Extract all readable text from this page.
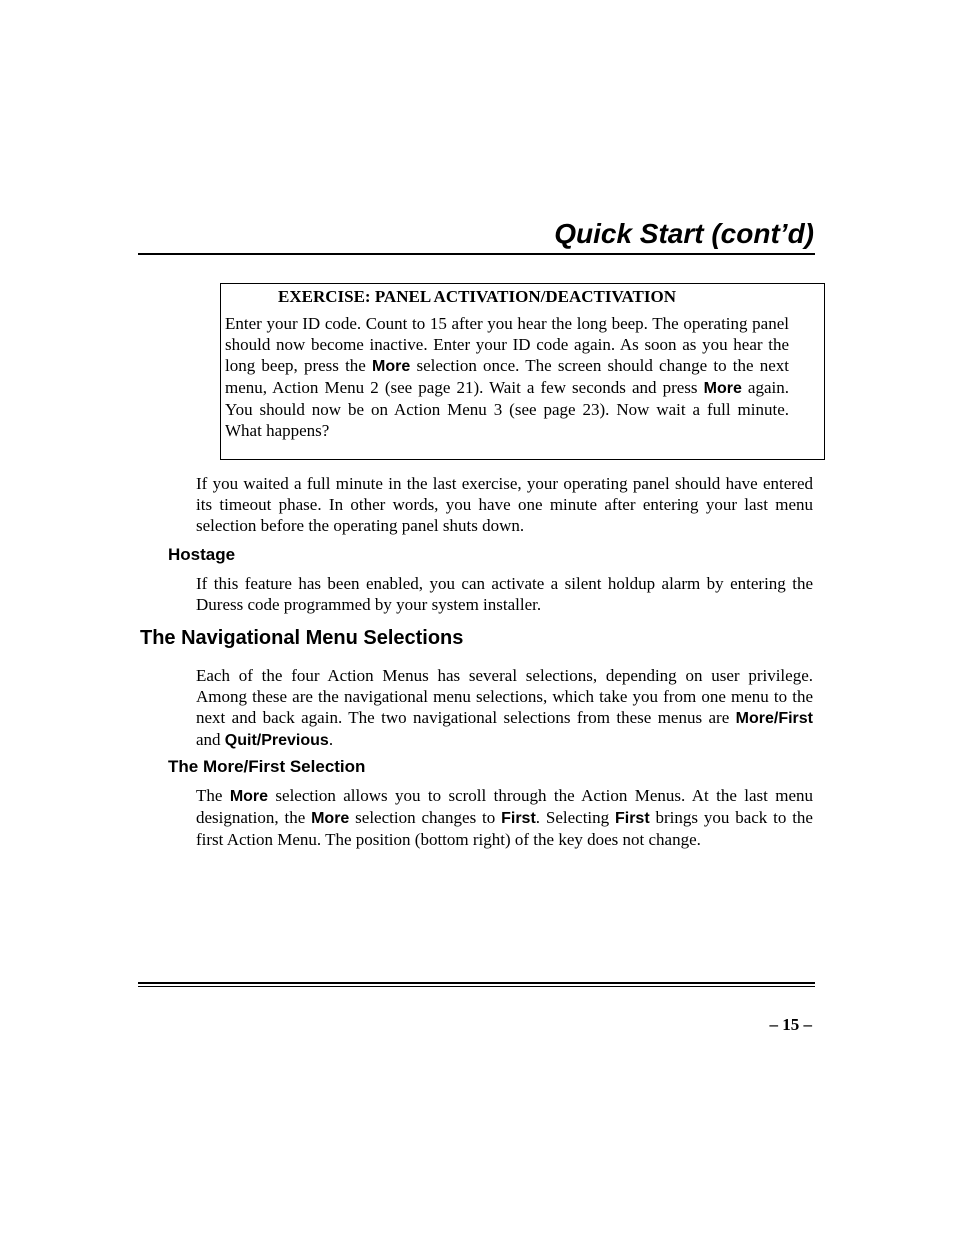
Quick Start (cont’d)

EXERCISE: PANEL ACTIVATION/DEACTIVATION

Enter your ID code. Count to 15 after you hear the long beep. The operating panel should now become inactive. Enter your ID code again. As soon as you hear the long beep, press the More selection once. The screen should change to the next menu, Action Menu 2 (see page 21). Wait a few seconds and press More again. You should now be on Action Menu 3 (see page 23). Now wait a full minute. What happens?

If you waited a full minute in the last exercise, your operating panel should have entered its timeout phase. In other words, you have one minute after entering your last menu selection before the operating panel shuts down.

Hostage

If this feature has been enabled, you can activate a silent holdup alarm by entering the Duress code programmed by your system installer.

The Navigational Menu Selections

Each of the four Action Menus has several selections, depending on user privilege. Among these are the navigational menu selections, which take you from one menu to the next and back again. The two navigational selections from these menus are More/First and Quit/Previous.

The More/First Selection

The More selection allows you to scroll through the Action Menus. At the last menu designation, the More selection changes to First. Selecting First brings you back to the first Action Menu. The position (bottom right) of the key does not change.

– 15 –
